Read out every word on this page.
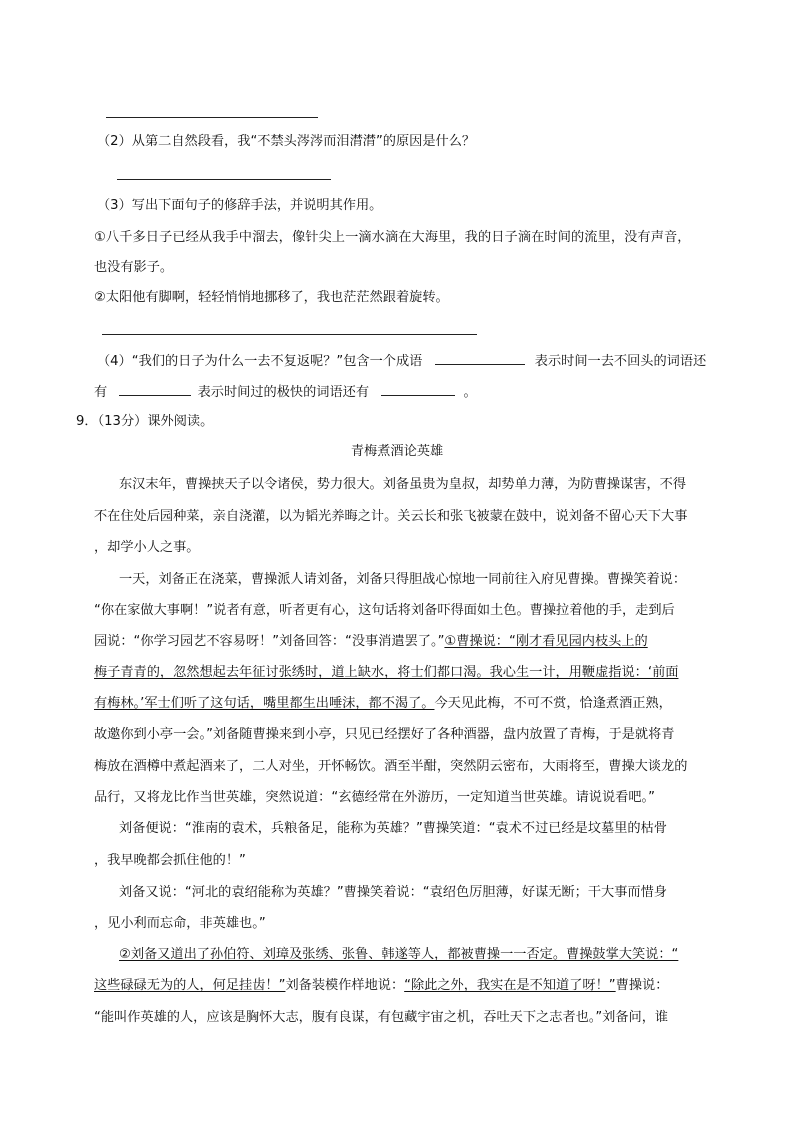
（2）从第二自然段看，我“不禁头涔涔而泪潸潸”的原因是什么？
（3）写出下面句子的修辞手法，并说明其作用。
①八千多日子已经从我手中溜去，像针尖上一滴水滴在大海里，我的日子滴在时间的流里，没有声音，
也没有影子。
②太阳他有脚啊，轻轻悄悄地挪移了，我也茫茫然跟着旋转。
（4）“我们的日子为什么一去不复返呢？”包含一个成语	表示时间一去不回头的词语还
有	表示时间过的极快的词语还有	。
9．（13分）课外阅读。
青梅煮酒论英雄
东汉末年，曹操挟天子以令诸侯，势力很大。刘备虽贵为皇叔，却势单力薄，为防曹操谋害，不得
不在住处后园种菜，亲自浇灌，以为韬光养晦之计。关云长和张飞被蒙在鼓中，说刘备不留心天下大事
，却学小人之事。
一天，刘备正在浇菜，曹操派人请刘备，刘备只得胆战心惊地一同前往入府见曹操。曹操笑着说：
“你在家做大事啊！”说者有意，听者更有心，这句话将刘备吓得面如土色。曹操拉着他的手，走到后
园说：“你学习园艺不容易呀！”刘备回答：“没事消遣罢了。”①曹操说：“刚才看见园内枝头上的
梅子青青的，忽然想起去年征讨张绣时，道上缺水，将士们都口渴。我心生一计，用鞭虚指说：‘前面
有梅林。’军士们听了这句话，嘴里都生出唾沫，都不渴了。今天见此梅，不可不赏，恰逢煮酒正熟，
故邀你到小亭一会。”刘备随曹操来到小亭，只见已经摆好了各种酒器，盘内放置了青梅，于是就将青
梅放在酒樽中煮起酒来了，二人对坐，开怀畅饮。酒至半酣，突然阴云密布，大雨将至，曹操大谈龙的
品行，又将龙比作当世英雄，突然说道：“玄德经常在外游历，一定知道当世英雄。请说说看吧。”
刘备便说：“淮南的袁术，兵粮备足，能称为英雄？”曹操笑道：“袁术不过已经是坟墓里的枯骨
，我早晚都会抓住他的！”
刘备又说：“河北的袁绍能称为英雄？”曹操笑着说：“袁绍色厉胆薄，好谋无断；干大事而惜身
，见小利而忘命，非英雄也。”
②刘备又道出了孙伯符、刘璋及张绣、张鲁、韩遂等人，都被曹操一一否定。曹操鼓掌大笑说：“
这些碌碌无为的人，何足挂齿！”刘备装模作样地说：“除此之外，我实在是不知道了呀！”曹操说：
“能叫作英雄的人，应该是胸怀大志，腹有良谋，有包藏宇宙之机，吞吐天下之志者也。”刘备问，谁
